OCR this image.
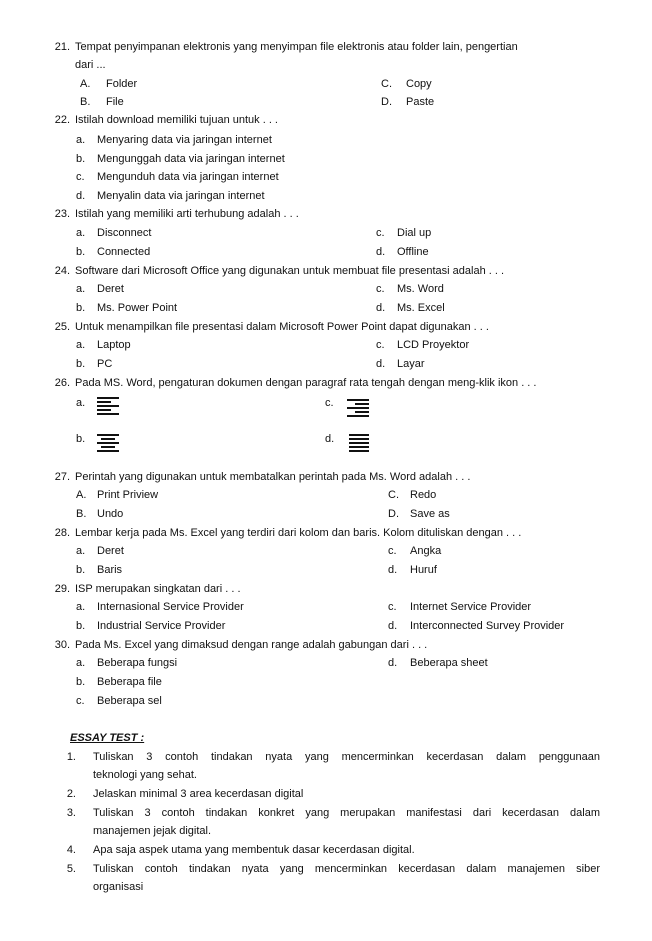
21. Tempat penyimpanan elektronis yang menyimpan file elektronis atau folder lain, pengertian
dari ...
A.	Folder
B.	File
C. Copy
D. Paste
22. Istilah download memiliki tujuan untuk . . .
a.	Menyaring data via jaringan internet
b.	Mengunggah data via jaringan internet
c.	Mengunduh data via jaringan internet
d.	Menyalin data via jaringan internet
23. Istilah yang memiliki arti terhubung adalah . . .
a.	Disconnect
b.	Connected
c.	Dial up
d.	Offline
24. Software dari Microsoft Office yang digunakan untuk membuat file presentasi adalah . . .
a.	Deret
b.	Ms. Power Point
c.	Ms. Word
d.	Ms. Excel
25. Untuk menampilkan file presentasi dalam Microsoft Power Point dapat digunakan . . .
a.	Laptop
b.	PC
c.	LCD Proyektor
d.	Layar
26. Pada MS. Word, pengaturan dokumen dengan paragraf rata tengah dengan meng-klik ikon . . .
a.
b.
c.
d.
27. Perintah yang digunakan untuk membatalkan perintah pada Ms. Word adalah . . .
A. Print Priview
B. Undo
C. Redo
D. Save as
28. Lembar kerja pada Ms. Excel yang terdiri dari kolom dan baris. Kolom dituliskan dengan . . .
a.	Deret
b.	Baris
c.	Angka
d.	Huruf
29. ISP merupakan singkatan dari . . .
a.	Internasional Service Provider
b.	Industrial Service Provider
c.	Internet Service Provider
d.	Interconnected Survey Provider
30. Pada Ms. Excel yang dimaksud dengan range adalah gabungan dari . . .
a.	Beberapa fungsi
b.	Beberapa file
c.	Beberapa sel
d.	Beberapa sheet
ESSAY TEST :
1. Tuliskan 3 contoh tindakan nyata yang mencerminkan kecerdasan dalam penggunaan
teknologi yang sehat.
2. Jelaskan minimal 3 area kecerdasan digital
3. Tuliskan 3 contoh tindakan konkret yang merupakan manifestasi dari kecerdasan dalam
manajemen jejak digital.
4. Apa saja aspek utama yang membentuk dasar kecerdasan digital.
5. Tuliskan contoh tindakan nyata yang mencerminkan kecerdasan dalam manajemen siber
organisasi
